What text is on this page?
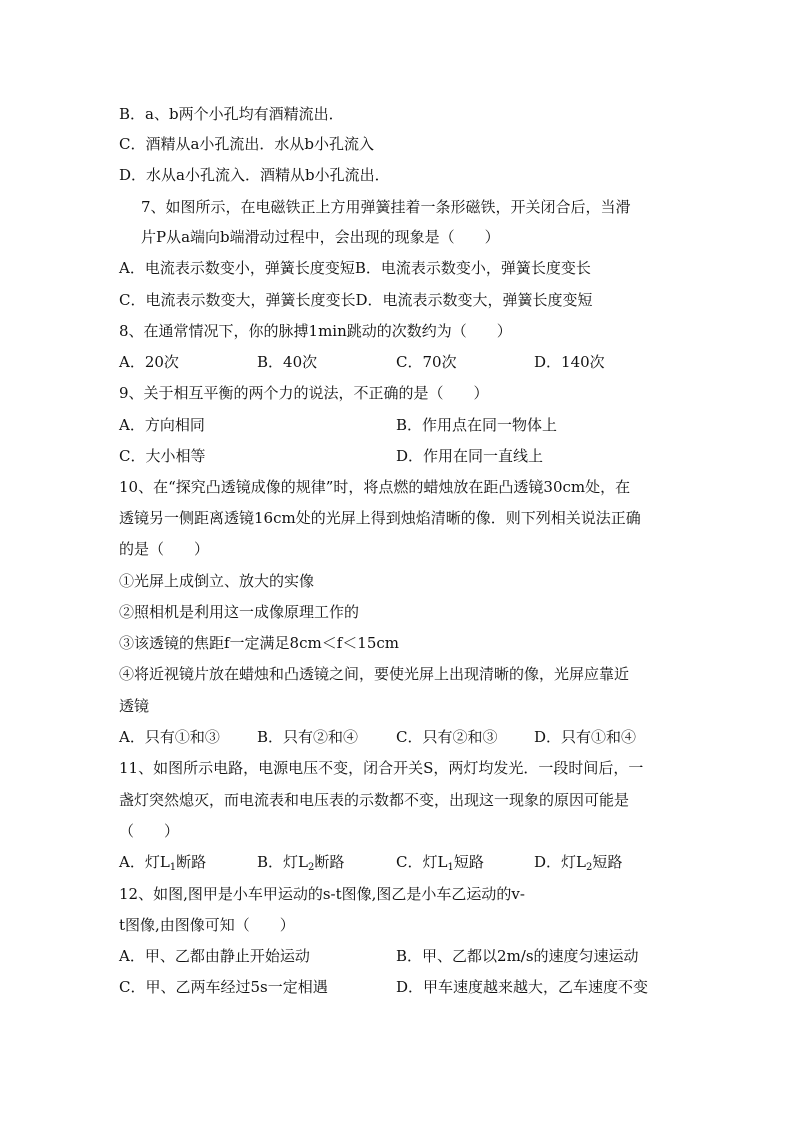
B．a、b两个小孔均有酒精流出．
C．酒精从a小孔流出．水从b小孔流入
D．水从a小孔流入．酒精从b小孔流出．
7、如图所示，在电磁铁正上方用弹簧挂着一条形磁铁，开关闭合后，当滑
片P从a端向b端滑动过程中，会出现的现象是（　　）
A．电流表示数变小，弹簧长度变短B．电流表示数变小，弹簧长度变长
C．电流表示数变大，弹簧长度变长D．电流表示数变大，弹簧长度变短
8、在通常情况下，你的脉搏1min跳动的次数约为（　　）
A．20次	B．40次	C．70次	D．140次
9、关于相互平衡的两个力的说法，不正确的是（　　）
A．方向相同	B．作用点在同一物体上
C．大小相等	D．作用在同一直线上
10、在“探究凸透镜成像的规律”时，将点燃的蜡烛放在距凸透镜30cm处，在
透镜另一侧距离透镜16cm处的光屏上得到烛焰清晰的像．则下列相关说法正确
的是（　　）
①光屏上成倒立、放大的实像
②照相机是利用这一成像原理工作的
③该透镜的焦距f一定满足8cm＜f＜15cm
④将近视镜片放在蜡烛和凸透镜之间，要使光屏上出现清晰的像，光屏应靠近
透镜
A．只有①和③ B．只有②和④	C．只有②和③ D．只有①和④
11、如图所示电路，电源电压不变，闭合开关S，两灯均发光．一段时间后，一
盏灯突然熄灭，而电流表和电压表的示数都不变，出现这一现象的原因可能是
（　　）
A．灯$L_1$断路	B．灯$L_2$断路	C．灯$L_1$短路	D．灯$L_2$短路
12、如图,图甲是小车甲运动的s-t图像,图乙是小车乙运动的v-
t图像,由图像可知（　　）
A．甲、乙都由静止开始运动	B．甲、乙都以2m/s的速度匀速运动
C．甲、乙两车经过5s一定相遇	D．甲车速度越来越大，乙车速度不变
